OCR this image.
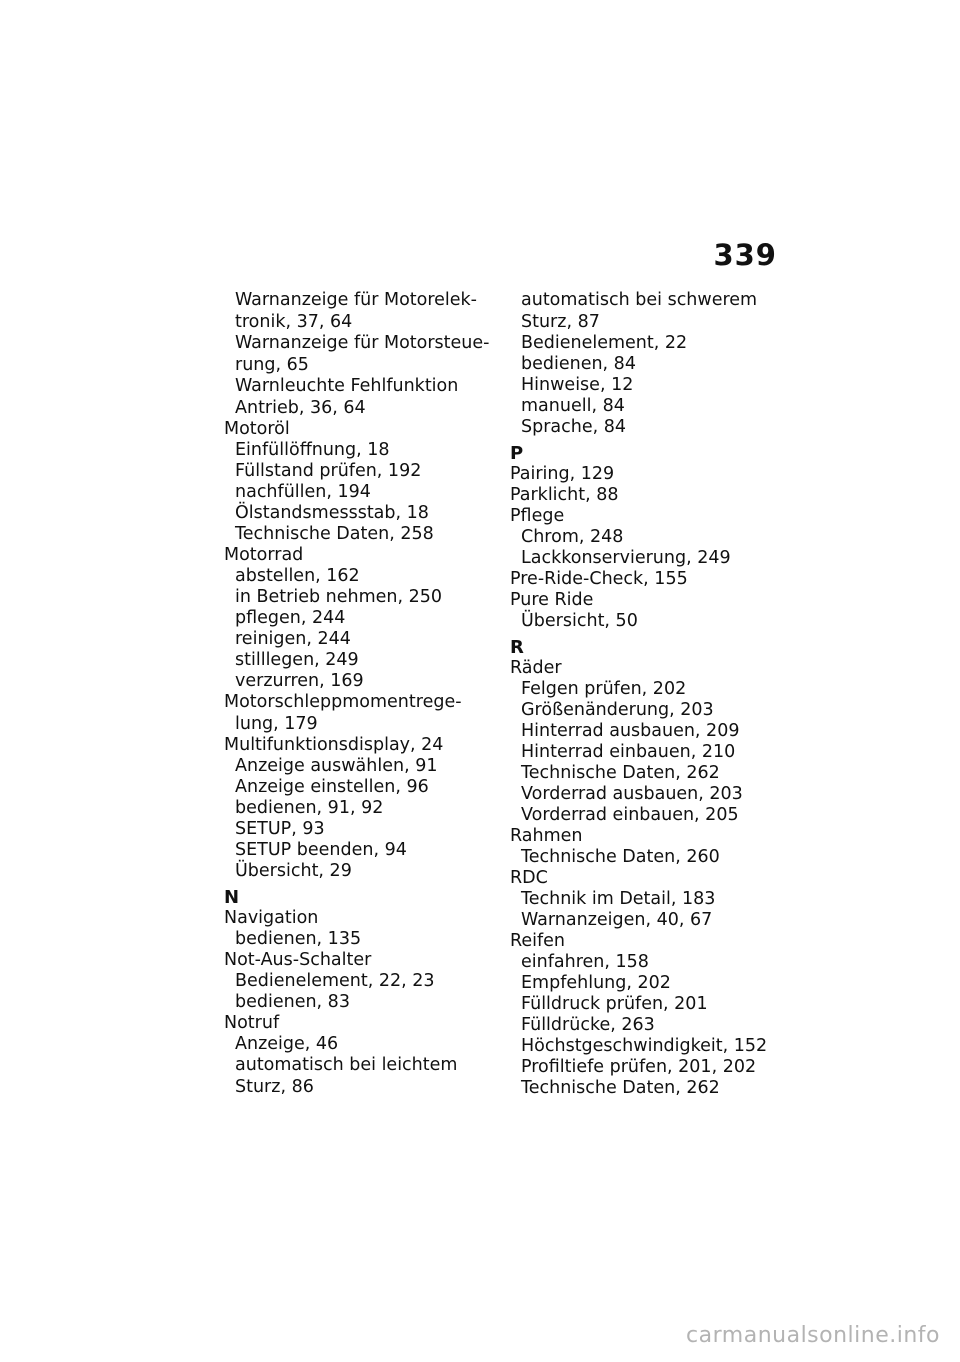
339
Warnanzeige für Motorelek-
tronik, 37, 64
Warnanzeige für Motorsteue-
rung, 65
Warnleuchte Fehlfunktion
Antrieb, 36, 64
Motoröl
Einfüllöffnung, 18
Füllstand prüfen, 192
nachfüllen, 194
Ölstandsmessstab, 18
Technische Daten, 258
Motorrad
abstellen, 162
in Betrieb nehmen, 250
pflegen, 244
reinigen, 244
stilllegen, 249
verzurren, 169
Motorschleppmomentrege-
lung, 179
Multifunktionsdisplay, 24
Anzeige auswählen, 91
Anzeige einstellen, 96
bedienen, 91, 92
SETUP, 93
SETUP beenden, 94
Übersicht, 29
N
Navigation
bedienen, 135
Not-Aus-Schalter
Bedienelement, 22, 23
bedienen, 83
Notruf
Anzeige, 46
automatisch bei leichtem
Sturz, 86
automatisch bei schwerem
Sturz, 87
Bedienelement, 22
bedienen, 84
Hinweise, 12
manuell, 84
Sprache, 84
P
Pairing, 129
Parklicht, 88
Pflege
Chrom, 248
Lackkonservierung, 249
Pre-Ride-Check, 155
Pure Ride
Übersicht, 50
R
Räder
Felgen prüfen, 202
Größenänderung, 203
Hinterrad ausbauen, 209
Hinterrad einbauen, 210
Technische Daten, 262
Vorderrad ausbauen, 203
Vorderrad einbauen, 205
Rahmen
Technische Daten, 260
RDC
Technik im Detail, 183
Warnanzeigen, 40, 67
Reifen
einfahren, 158
Empfehlung, 202
Fülldruck prüfen, 201
Fülldrücke, 263
Höchstgeschwindigkeit, 152
Profiltiefe prüfen, 201, 202
Technische Daten, 262
carmanualsonline.info
